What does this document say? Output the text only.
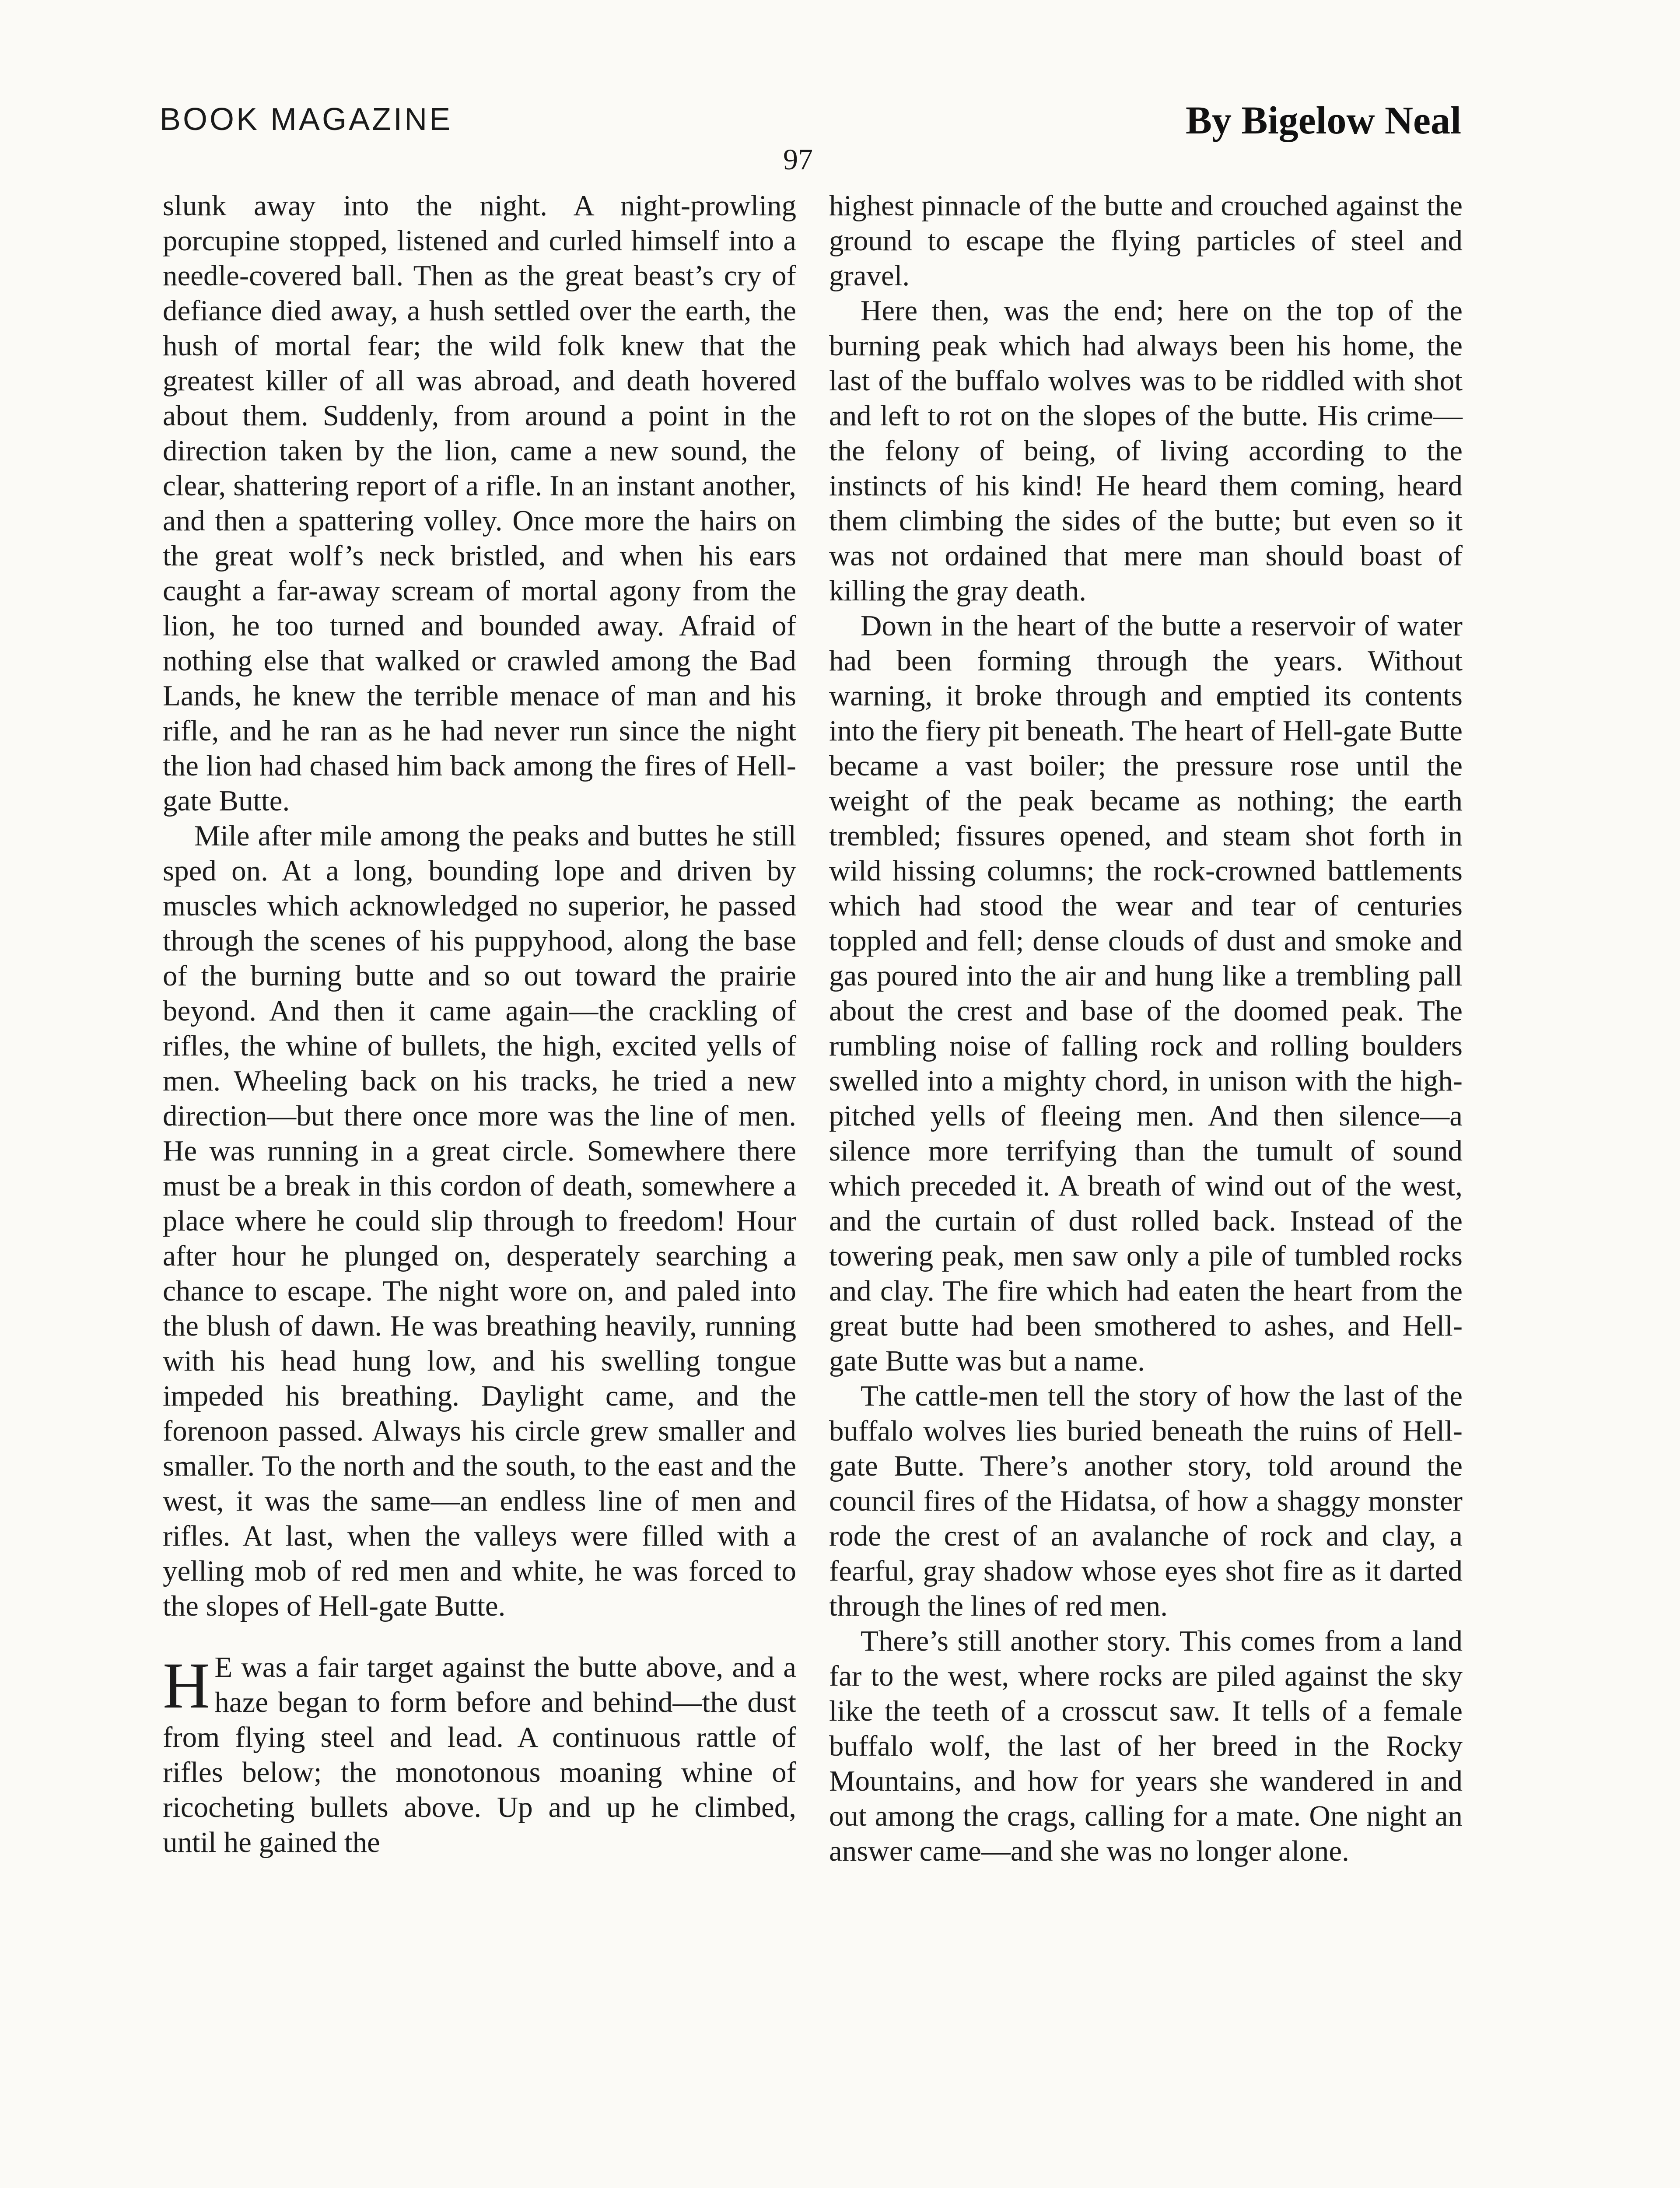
BOOK MAGAZINE	By Bigelow Neal
97

slunk away into the night. A night-prowling porcupine stopped, listened and curled himself into a needle-covered ball. Then as the great beast’s cry of defiance died away, a hush settled over the earth, the hush of mortal fear; the wild folk knew that the greatest killer of all was abroad, and death hovered about them. Suddenly, from around a point in the direction taken by the lion, came a new sound, the clear, shattering report of a rifle. In an instant another, and then a spattering volley. Once more the hairs on the great wolf’s neck bristled, and when his ears caught a far-away scream of mortal agony from the lion, he too turned and bounded away. Afraid of nothing else that walked or crawled among the Bad Lands, he knew the terrible menace of man and his rifle, and he ran as he had never run since the night the lion had chased him back among the fires of Hell-gate Butte.

Mile after mile among the peaks and buttes he still sped on. At a long, bounding lope and driven by muscles which acknowledged no superior, he passed through the scenes of his puppyhood, along the base of the burning butte and so out toward the prairie beyond. And then it came again—the crackling of rifles, the whine of bullets, the high, excited yells of men. Wheeling back on his tracks, he tried a new direction—but there once more was the line of men. He was running in a great circle. Somewhere there must be a break in this cordon of death, somewhere a place where he could slip through to freedom! Hour after hour he plunged on, desperately searching a chance to escape. The night wore on, and paled into the blush of dawn. He was breathing heavily, running with his head hung low, and his swelling tongue impeded his breathing. Daylight came, and the forenoon passed. Always his circle grew smaller and smaller. To the north and the south, to the east and the west, it was the same—an endless line of men and rifles. At last, when the valleys were filled with a yelling mob of red men and white, he was forced to the slopes of Hell-gate Butte.

H E was a fair target against the butte above, and a haze began to form before and behind—the dust from flying steel and lead. A continuous rattle of rifles below; the monotonous moaning whine of ricocheting bullets above. Up and up he climbed, until he gained the

highest pinnacle of the butte and crouched against the ground to escape the flying particles of steel and gravel.

Here then, was the end; here on the top of the burning peak which had always been his home, the last of the buffalo wolves was to be riddled with shot and left to rot on the slopes of the butte. His crime—the felony of being, of living according to the instincts of his kind! He heard them coming, heard them climbing the sides of the butte; but even so it was not ordained that mere man should boast of killing the gray death.

Down in the heart of the butte a reservoir of water had been forming through the years. Without warning, it broke through and emptied its contents into the fiery pit beneath. The heart of Hell-gate Butte became a vast boiler; the pressure rose until the weight of the peak became as nothing; the earth trembled; fissures opened, and steam shot forth in wild hissing columns; the rock-crowned battlements which had stood the wear and tear of centuries toppled and fell; dense clouds of dust and smoke and gas poured into the air and hung like a trembling pall about the crest and base of the doomed peak. The rumbling noise of falling rock and rolling boulders swelled into a mighty chord, in unison with the high-pitched yells of fleeing men. And then silence—a silence more terrifying than the tumult of sound which preceded it. A breath of wind out of the west, and the curtain of dust rolled back. Instead of the towering peak, men saw only a pile of tumbled rocks and clay. The fire which had eaten the heart from the great butte had been smothered to ashes, and Hell-gate Butte was but a name.

The cattle-men tell the story of how the last of the buffalo wolves lies buried beneath the ruins of Hell-gate Butte. There’s another story, told around the council fires of the Hidatsa, of how a shaggy monster rode the crest of an avalanche of rock and clay, a fearful, gray shadow whose eyes shot fire as it darted through the lines of red men.

There’s still another story. This comes from a land far to the west, where rocks are piled against the sky like the teeth of a crosscut saw. It tells of a female buffalo wolf, the last of her breed in the Rocky Mountains, and how for years she wandered in and out among the crags, calling for a mate. One night an answer came—and she was no longer alone.
